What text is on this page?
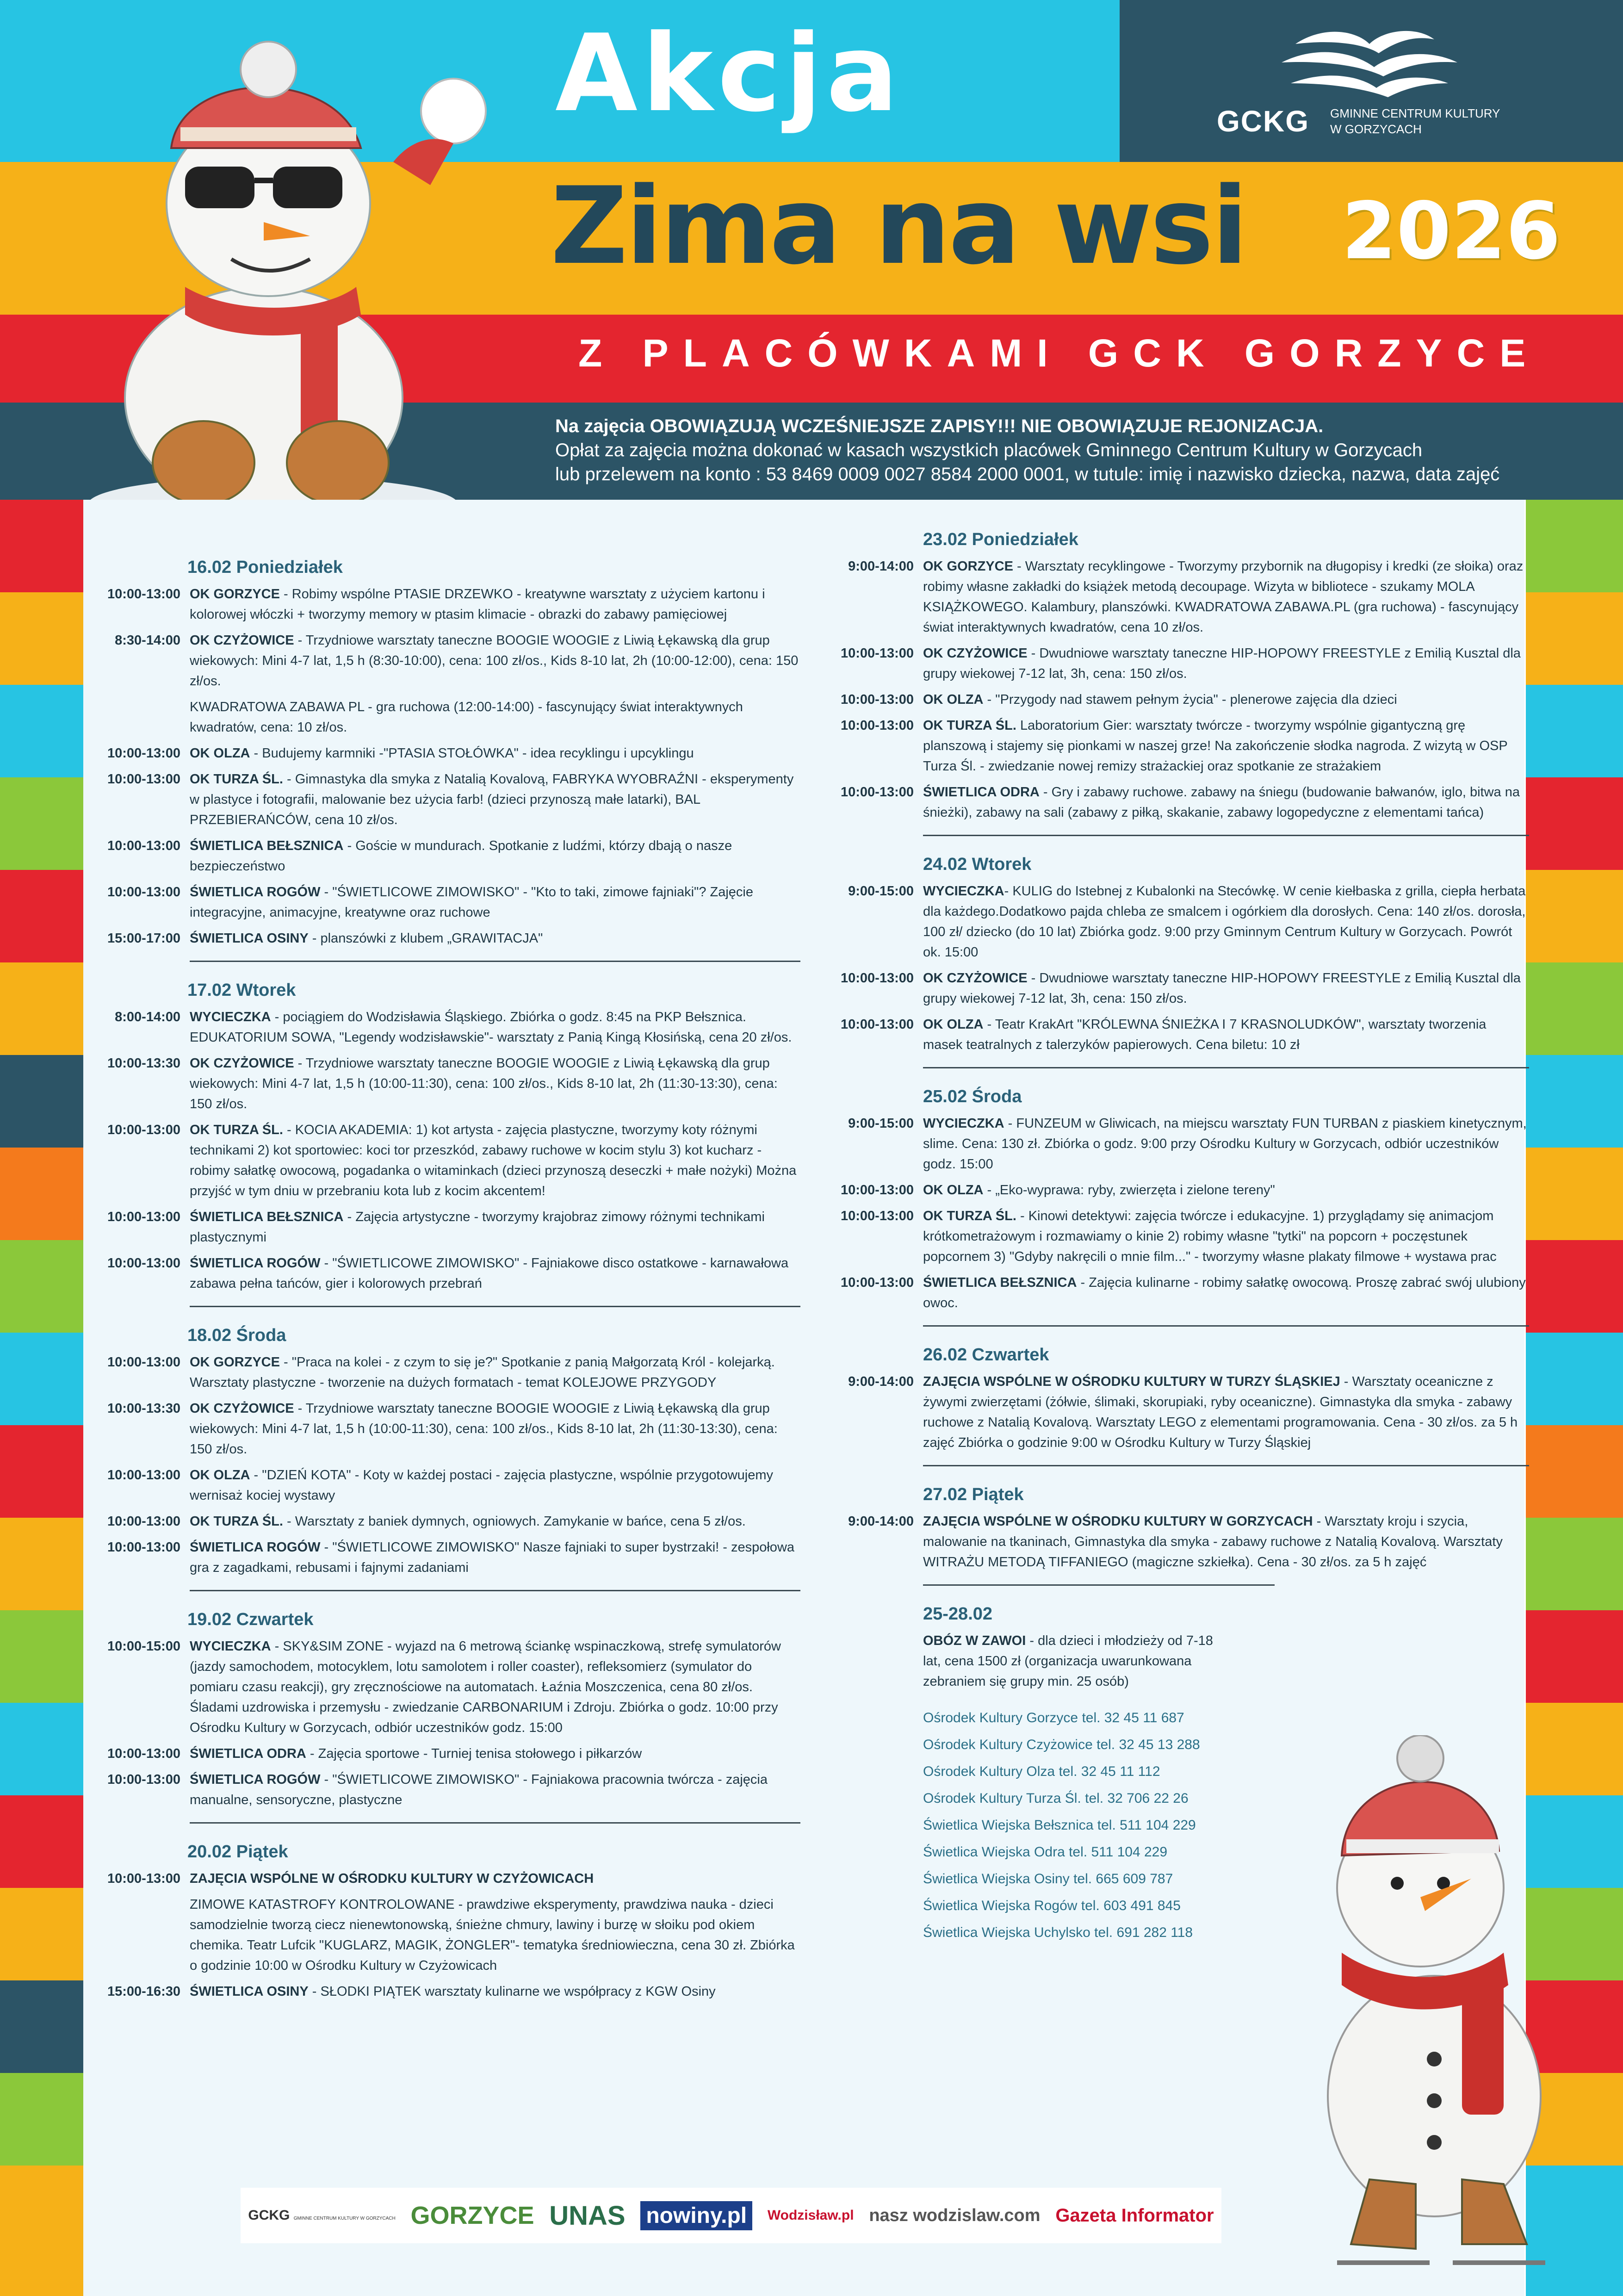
GCKG GMINNE CENTRUM KULTURY
W GORZYCACH
Akcja
Zima na wsi 2026
Z PLACÓWKAMI GCK GORZYCE
Na zajęcia OBOWIĄZUJĄ WCZEŚNIEJSZE ZAPISY!!! NIE OBOWIĄZUJE REJONIZACJA.
Opłat za zajęcia można dokonać w kasach wszystkich placówek Gminnego Centrum Kultury w Gorzycach
lub przelewem na konto : 53 8469 0009 0027 8584 2000 0001, w tutule: imię i nazwisko dziecka, nazwa, data zajęć
16.02 Poniedziałek
10:00-13:00 OK GORZYCE - Robimy wspólne PTASIE DRZEWKO - kreatywne warsztaty z użyciem kartonu i kolorowej włóczki + tworzymy memory w ptasim klimacie - obrazki do zabawy pamięciowej
8:30-14:00 OK CZYŻOWICE - Trzydniowe warsztaty taneczne BOOGIE WOOGIE z Liwią Łękawską dla grup wiekowych: Mini 4-7 lat, 1,5 h (8:30-10:00), cena: 100 zł/os., Kids 8-10 lat, 2h (10:00-12:00), cena: 150 zł/os.
KWADRATOWA ZABAWA PL - gra ruchowa (12:00-14:00) - fascynujący świat interaktywnych kwadratów, cena: 10 zł/os.
10:00-13:00 OK OLZA - Budujemy karmniki -"PTASIA STOŁÓWKA" - idea recyklingu i upcyklingu
10:00-13:00 OK TURZA ŚL. - Gimnastyka dla smyka z Natalią Kovalovą, FABRYKA WYOBRAŹNI - eksperymenty w plastyce i fotografii, malowanie bez użycia farb! (dzieci przynoszą małe latarki), BAL PRZEBIERAŃCÓW, cena 10 zł/os.
10:00-13:00 ŚWIETLICA BEŁSZNICA - Goście w mundurach. Spotkanie z ludźmi, którzy dbają o nasze bezpieczeństwo
10:00-13:00 ŚWIETLICA ROGÓW - "ŚWIETLICOWE ZIMOWISKO" - "Kto to taki, zimowe fajniaki"? Zajęcie integracyjne, animacyjne, kreatywne oraz ruchowe
15:00-17:00 ŚWIETLICA OSINY - planszówki z klubem „GRAWITACJA"
17.02 Wtorek
8:00-14:00 WYCIECZKA - pociągiem do Wodzisławia Śląskiego. Zbiórka o godz. 8:45 na PKP Bełsznica. EDUKATORIUM SOWA, "Legendy wodzisławskie"- warsztaty z Panią Kingą Kłosińską, cena 20 zł/os.
10:00-13:30 OK CZYŻOWICE - Trzydniowe warsztaty taneczne BOOGIE WOOGIE z Liwią Łękawską dla grup wiekowych: Mini 4-7 lat, 1,5 h (10:00-11:30), cena: 100 zł/os., Kids 8-10 lat, 2h (11:30-13:30), cena: 150 zł/os.
10:00-13:00 OK TURZA ŚL. - KOCIA AKADEMIA: 1) kot artysta - zajęcia plastyczne, tworzymy koty różnymi technikami 2) kot sportowiec: koci tor przeszkód, zabawy ruchowe w kocim stylu 3) kot kucharz - robimy sałatkę owocową, pogadanka o witaminkach (dzieci przynoszą deseczki + małe nożyki) Można przyjść w tym dniu w przebraniu kota lub z kocim akcentem!
10:00-13:00 ŚWIETLICA BEŁSZNICA - Zajęcia artystyczne - tworzymy krajobraz zimowy różnymi technikami plastycznymi
10:00-13:00 ŚWIETLICA ROGÓW - "ŚWIETLICOWE ZIMOWISKO" - Fajniakowe disco ostatkowe - karnawałowa zabawa pełna tańców, gier i kolorowych przebrań
18.02 Środa
10:00-13:00 OK GORZYCE - "Praca na kolei - z czym to się je?" Spotkanie z panią Małgorzatą Król - kolejarką. Warsztaty plastyczne - tworzenie na dużych formatach - temat KOLEJOWE PRZYGODY
10:00-13:30 OK CZYŻOWICE - Trzydniowe warsztaty taneczne BOOGIE WOOGIE z Liwią Łękawską dla grup wiekowych: Mini 4-7 lat, 1,5 h (10:00-11:30), cena: 100 zł/os., Kids 8-10 lat, 2h (11:30-13:30), cena: 150 zł/os.
10:00-13:00 OK OLZA - "DZIEŃ KOTA" - Koty w każdej postaci - zajęcia plastyczne, wspólnie przygotowujemy wernisaż kociej wystawy
10:00-13:00 OK TURZA ŚL. - Warsztaty z baniek dymnych, ogniowych. Zamykanie w bańce, cena 5 zł/os.
10:00-13:00 ŚWIETLICA ROGÓW - "ŚWIETLICOWE ZIMOWISKO" Nasze fajniaki to super bystrzaki! - zespołowa gra z zagadkami, rebusami i fajnymi zadaniami
19.02 Czwartek
10:00-15:00 WYCIECZKA - SKY&SIM ZONE - wyjazd na 6 metrową ściankę wspinaczkową, strefę symulatorów (jazdy samochodem, motocyklem, lotu samolotem i roller coaster), refleksomierz (symulator do pomiaru czasu reakcji), gry zręcznościowe na automatach. Łaźnia Moszczenica, cena 80 zł/os. Śladami uzdrowiska i przemysłu - zwiedzanie CARBONARIUM i Zdroju. Zbiórka o godz. 10:00 przy Ośrodku Kultury w Gorzycach, odbiór uczestników godz. 15:00
10:00-13:00 ŚWIETLICA ODRA - Zajęcia sportowe - Turniej tenisa stołowego i piłkarzów
10:00-13:00 ŚWIETLICA ROGÓW - "ŚWIETLICOWE ZIMOWISKO" - Fajniakowa pracownia twórcza - zajęcia manualne, sensoryczne, plastyczne
20.02 Piątek
10:00-13:00 ZAJĘCIA WSPÓLNE W OŚRODKU KULTURY W CZYŻOWICACH
ZIMOWE KATASTROFY KONTROLOWANE - prawdziwe eksperymenty, prawdziwa nauka - dzieci samodzielnie tworzą ciecz nienewtonowską, śnieżne chmury, lawiny i burzę w słoiku pod okiem chemika. Teatr Lufcik "KUGLARZ, MAGIK, ŻONGLER"- tematyka średniowieczna, cena 30 zł. Zbiórka o godzinie 10:00 w Ośrodku Kultury w Czyżowicach
15:00-16:30 ŚWIETLICA OSINY - SŁODKI PIĄTEK warsztaty kulinarne we współpracy z KGW Osiny
23.02 Poniedziałek
9:00-14:00 OK GORZYCE - Warsztaty recyklingowe - Tworzymy przybornik na długopisy i kredki (ze słoika) oraz robimy własne zakładki do książek metodą decoupage. Wizyta w bibliotece - szukamy MOLA KSIĄŻKOWEGO. Kalambury, planszówki. KWADRATOWA ZABAWA.PL (gra ruchowa) - fascynujący świat interaktywnych kwadratów, cena 10 zł/os.
10:00-13:00 OK CZYŻOWICE - Dwudniowe warsztaty taneczne HIP-HOPOWY FREESTYLE z Emilią Kusztal dla grupy wiekowej 7-12 lat, 3h, cena: 150 zł/os.
10:00-13:00 OK OLZA - "Przygody nad stawem pełnym życia" - plenerowe zajęcia dla dzieci
10:00-13:00 OK TURZA ŚL. Laboratorium Gier: warsztaty twórcze - tworzymy wspólnie gigantyczną grę planszową i stajemy się pionkami w naszej grze! Na zakończenie słodka nagroda. Z wizytą w OSP Turza Śl. - zwiedzanie nowej remizy strażackiej oraz spotkanie ze strażakiem
10:00-13:00 ŚWIETLICA ODRA - Gry i zabawy ruchowe. zabawy na śniegu (budowanie bałwanów, iglo, bitwa na śnieżki), zabawy na sali (zabawy z piłką, skakanie, zabawy logopedyczne z elementami tańca)
24.02 Wtorek
9:00-15:00 WYCIECZKA- KULIG do Istebnej z Kubalonki na Stecówkę. W cenie kiełbaska z grilla, ciepła herbata dla każdego.Dodatkowo pajda chleba ze smalcem i ogórkiem dla dorosłych. Cena: 140 zł/os. dorosła, 100 zł/ dziecko (do 10 lat) Zbiórka godz. 9:00 przy Gminnym Centrum Kultury w Gorzycach. Powrót ok. 15:00
10:00-13:00 OK CZYŻOWICE - Dwudniowe warsztaty taneczne HIP-HOPOWY FREESTYLE z Emilią Kusztal dla grupy wiekowej 7-12 lat, 3h, cena: 150 zł/os.
10:00-13:00 OK OLZA - Teatr KrakArt "KRÓLEWNA ŚNIEŻKA I 7 KRASNOLUDKÓW", warsztaty tworzenia masek teatralnych z talerzyków papierowych. Cena biletu: 10 zł
25.02 Środa
9:00-15:00 WYCIECZKA - FUNZEUM w Gliwicach, na miejscu warsztaty FUN TURBAN z piaskiem kinetycznym, slime. Cena: 130 zł. Zbiórka o godz. 9:00 przy Ośrodku Kultury w Gorzycach, odbiór uczestników godz. 15:00
10:00-13:00 OK OLZA - „Eko-wyprawa: ryby, zwierzęta i zielone tereny"
10:00-13:00 OK TURZA ŚL. - Kinowi detektywi: zajęcia twórcze i edukacyjne. 1) przyglądamy się animacjom krótkometrażowym i rozmawiamy o kinie 2) robimy własne "tytki" na popcorn + poczęstunek popcornem 3) "Gdyby nakręcili o mnie film..." - tworzymy własne plakaty filmowe + wystawa prac
10:00-13:00 ŚWIETLICA BEŁSZNICA - Zajęcia kulinarne - robimy sałatkę owocową. Proszę zabrać swój ulubiony owoc.
26.02 Czwartek
9:00-14:00 ZAJĘCIA WSPÓLNE W OŚRODKU KULTURY W TURZY ŚLĄSKIEJ - Warsztaty oceaniczne z żywymi zwierzętami (żółwie, ślimaki, skorupiaki, ryby oceaniczne). Gimnastyka dla smyka - zabawy ruchowe z Natalią Kovalovą. Warsztaty LEGO z elementami programowania. Cena - 30 zł/os. za 5 h zajęć Zbiórka o godzinie 9:00 w Ośrodku Kultury w Turzy Śląskiej
27.02 Piątek
9:00-14:00 ZAJĘCIA WSPÓLNE W OŚRODKU KULTURY W GORZYCACH - Warsztaty kroju i szycia, malowanie na tkaninach, Gimnastyka dla smyka - zabawy ruchowe z Natalią Kovalovą. Warsztaty WITRAŻU METODĄ TIFFANIEGO (magiczne szkiełka). Cena - 30 zł/os. za 5 h zajęć
25-28.02
OBÓZ W ZAWOI - dla dzieci i młodzieży od 7-18 lat, cena 1500 zł (organizacja uwarunkowana zebraniem się grupy min. 25 osób)
Ośrodek Kultury Gorzyce tel. 32 45 11 687
Ośrodek Kultury Czyżowice tel. 32 45 13 288
Ośrodek Kultury Olza tel. 32 45 11 112
Ośrodek Kultury Turza Śl. tel. 32 706 22 26
Świetlica Wiejska Bełsznica tel. 511 104 229
Świetlica Wiejska Odra tel. 511 104 229
Świetlica Wiejska Osiny tel. 665 609 787
Świetlica Wiejska Rogów tel. 603 491 845
Świetlica Wiejska Uchylsko tel. 691 282 118
GCKG GMINNE CENTRUM KULTURY W GORZYCACH GORZYCE UNAS nowiny.pl	Wodzisław.pl nasz wodzislaw.com Gazeta Informator
